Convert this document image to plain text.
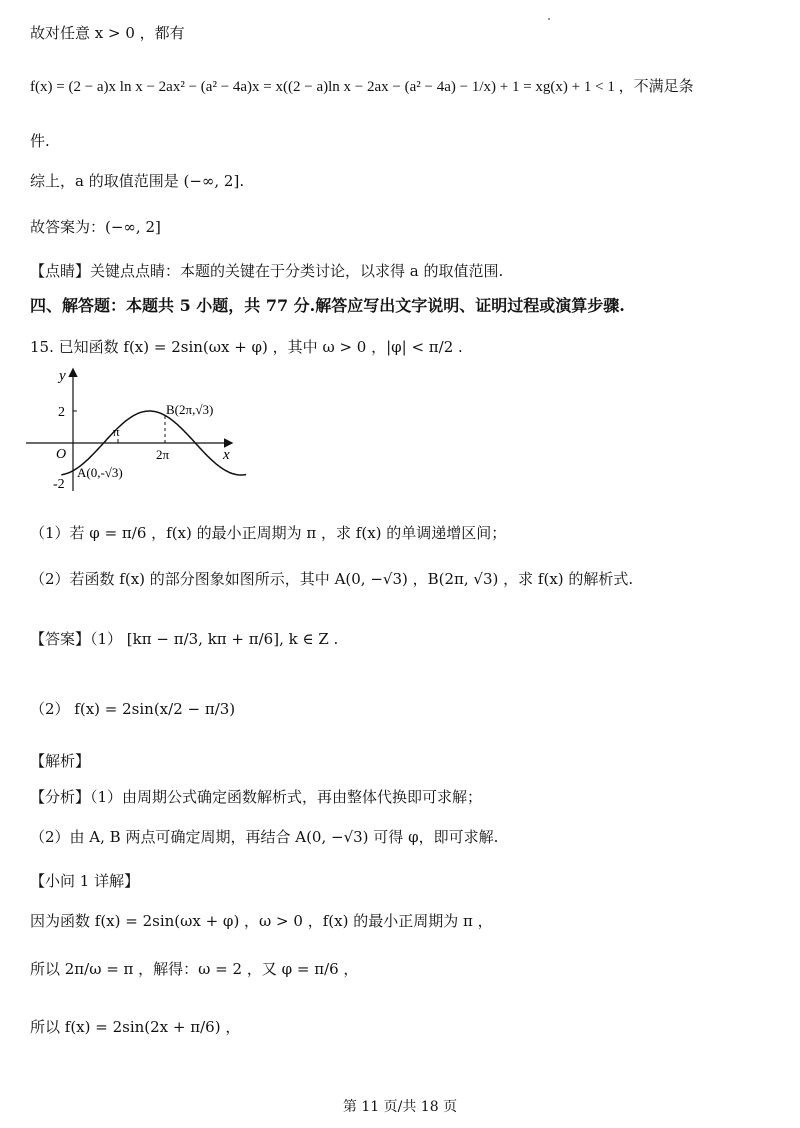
故对任意 x > 0 ，都有
f(x) = (2 − a)x ln x − 2ax² − (a² − 4a)x = x((2 − a)ln x − 2ax − (a² − 4a) − 1/x) + 1 = xg(x) + 1 < 1 ，不满足条
件.
综上，a 的取值范围是 (−∞, 2].
故答案为：(−∞, 2]
【点睛】关键点点睛：本题的关键在于分类讨论，以求得 a 的取值范围.
四、解答题：本题共 5 小题，共 77 分.解答应写出文字说明、证明过程或演算步骤.
15. 已知函数 f(x) = 2sin(ωx + φ) ，其中 ω > 0 ，|φ| < π/2 .
y
x
O
2
-2
π
2π
A(0,-√3)
B(2π,√3)
（1）若 φ = π/6 ，f(x) 的最小正周期为 π ，求 f(x) 的单调递增区间；
（2）若函数 f(x) 的部分图象如图所示，其中 A(0, −√3) ，B(2π, √3) ，求 f(x) 的解析式.
【答案】（1） [kπ − π/3, kπ + π/6], k ∈ Z .
（2） f(x) = 2sin(x/2 − π/3)
【解析】
【分析】（1）由周期公式确定函数解析式，再由整体代换即可求解；
（2）由 A, B 两点可确定周期，再结合 A(0, −√3) 可得 φ，即可求解.
【小问 1 详解】
因为函数 f(x) = 2sin(ωx + φ) ，ω > 0 ，f(x) 的最小正周期为 π ，
所以 2π/ω = π ，解得：ω = 2 ，又 φ = π/6 ，
所以 f(x) = 2sin(2x + π/6) ，
第 11 页/共 18 页
